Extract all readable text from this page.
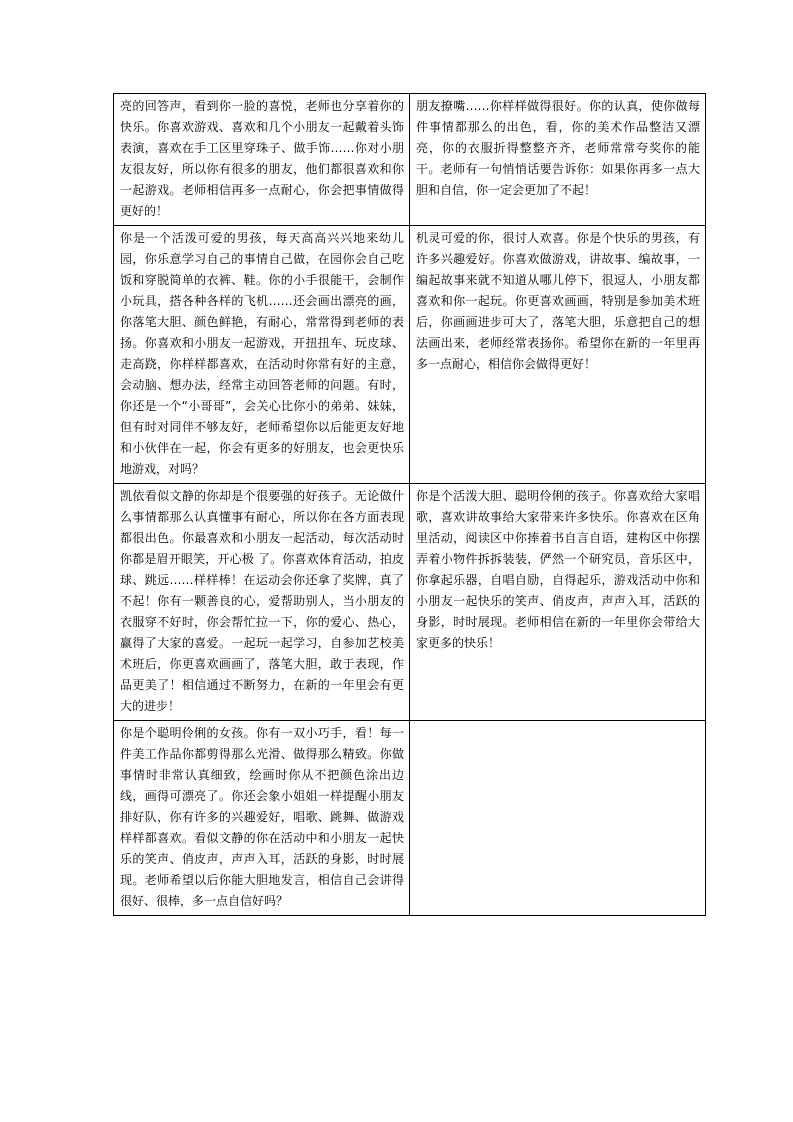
亮的回答声，看到你一脸的喜悦，老师也分享着你的快乐。你喜欢游戏、喜欢和几个小朋友一起戴着头饰表演，喜欢在手工区里穿珠子、做手饰……你对小朋友很友好，所以你有很多的朋友，他们都很喜欢和你一起游戏。老师相信再多一点耐心，你会把事情做得更好的！	朋友撩嘴……你样样做得很好。你的认真，使你做每件事情都那么的出色，看，你的美术作品整洁又漂亮，你的衣服折得整整齐齐，老师常常夸奖你的能干。老师有一句悄悄话要告诉你：如果你再多一点大胆和自信，你一定会更加了不起！
你是一个活泼可爱的男孩，每天高高兴兴地来幼儿园，你乐意学习自己的事情自己做，在园你会自己吃饭和穿脱简单的衣裤、鞋。你的小手很能干，会制作小玩具，搭各种各样的飞机……还会画出漂亮的画，你落笔大胆、颜色鲜艳，有耐心，常常得到老师的表扬。你喜欢和小朋友一起游戏，开扭扭车、玩皮球、走高跷，你样样都喜欢，在活动时你常有好的主意，会动脑、想办法，经常主动回答老师的问题。有时，你还是一个“小哥哥”，会关心比你小的弟弟、妹妹，但有时对同伴不够友好，老师希望你以后能更友好地和小伙伴在一起，你会有更多的好朋友，也会更快乐地游戏，对吗？	机灵可爱的你，很讨人欢喜。你是个快乐的男孩，有许多兴趣爱好。你喜欢做游戏，讲故事、编故事，一编起故事来就不知道从哪儿停下，很逗人，小朋友都喜欢和你一起玩。你更喜欢画画，特别是参加美术班后，你画画进步可大了，落笔大胆，乐意把自己的想法画出来，老师经常表扬你。希望你在新的一年里再多一点耐心，相信你会做得更好！
凯依看似文静的你却是个很要强的好孩子。无论做什么事情都那么认真懂事有耐心，所以你在各方面表现都很出色。你最喜欢和小朋友一起活动，每次活动时你都是眉开眼笑，开心极 了。你喜欢体育活动，拍皮球、跳远……样样棒！在运动会你还拿了奖牌，真了不起！你有一颗善良的心，爱帮助别人，当小朋友的衣服穿不好时，你会帮忙拉一下，你的爱心、热心，赢得了大家的喜爱。一起玩一起学习，自参加艺校美术班后，你更喜欢画画了，落笔大胆，敢于表现，作品更美了！相信通过不断努力，在新的一年里会有更大的进步！	你是个活泼大胆、聪明伶俐的孩子。你喜欢给大家唱歌，喜欢讲故事给大家带来许多快乐。你喜欢在区角里活动，阅读区中你捧着书自言自语，建构区中你摆弄着小物件拆拆装装，俨然一个研究员，音乐区中，你拿起乐器，自唱自励，自得起乐，游戏活动中你和小朋友一起快乐的笑声、俏皮声，声声入耳，活跃的身影，时时展现。老师相信在新的一年里你会带给大家更多的快乐！
你是个聪明伶俐的女孩。你有一双小巧手，看！每一件美工作品你都剪得那么光滑、做得那么精致。你做事情时非常认真细致，绘画时你从不把颜色涂出边线，画得可漂亮了。你还会象小姐姐一样提醒小朋友排好队，你有许多的兴趣爱好，唱歌、跳舞、做游戏样样都喜欢。看似文静的你在活动中和小朋友一起快乐的笑声、俏皮声，声声入耳，活跃的身影，时时展现。老师希望以后你能大胆地发言，相信自己会讲得很好、很棒，多一点自信好吗？	
